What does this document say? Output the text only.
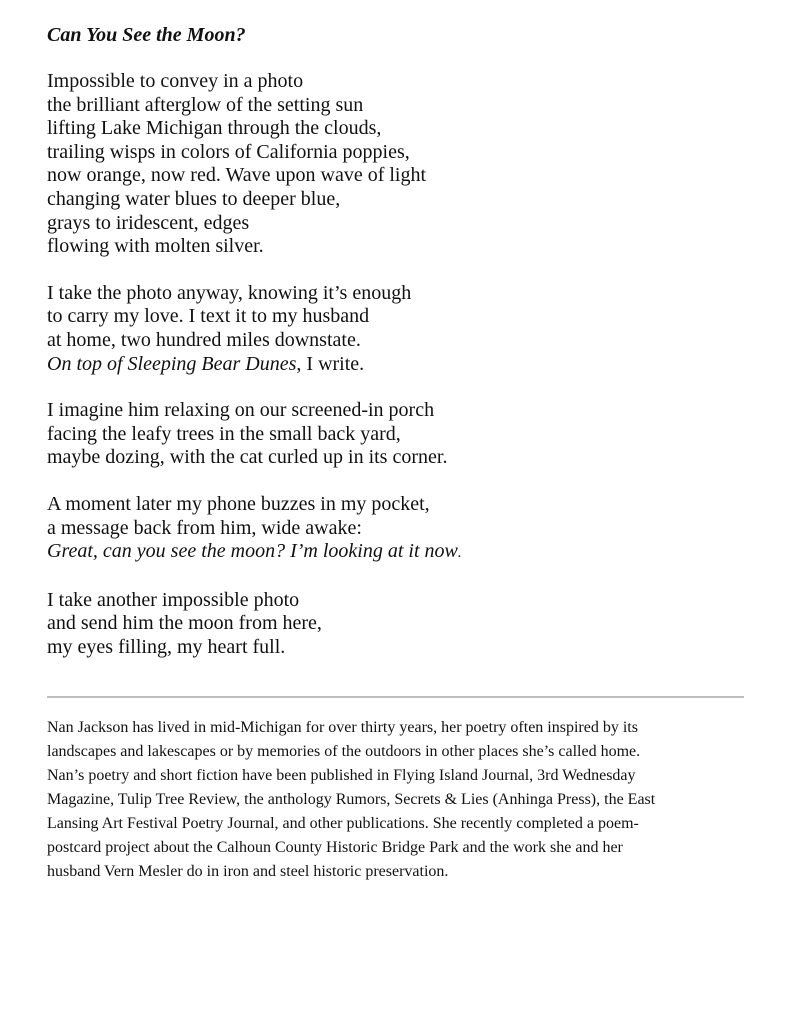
Can You See the Moon?
Impossible to convey in a photo
the brilliant afterglow of the setting sun
lifting Lake Michigan through the clouds,
trailing wisps in colors of California poppies,
now orange, now red. Wave upon wave of light
changing water blues to deeper blue,
grays to iridescent, edges
flowing with molten silver.
I take the photo anyway, knowing it’s enough
to carry my love. I text it to my husband
at home, two hundred miles downstate.
On top of Sleeping Bear Dunes, I write.
I imagine him relaxing on our screened-in porch
facing the leafy trees in the small back yard,
maybe dozing, with the cat curled up in its corner.
A moment later my phone buzzes in my pocket,
a message back from him, wide awake:
Great, can you see the moon? I’m looking at it now.
I take another impossible photo
and send him the moon from here,
my eyes filling, my heart full.
Nan Jackson has lived in mid-Michigan for over thirty years, her poetry often inspired by its
landscapes and lakescapes or by memories of the outdoors in other places she’s called home.
Nan’s poetry and short fiction have been published in Flying Island Journal, 3rd Wednesday
Magazine, Tulip Tree Review, the anthology Rumors, Secrets & Lies (Anhinga Press), the East
Lansing Art Festival Poetry Journal, and other publications. She recently completed a poem-
postcard project about the Calhoun County Historic Bridge Park and the work she and her
husband Vern Mesler do in iron and steel historic preservation.
